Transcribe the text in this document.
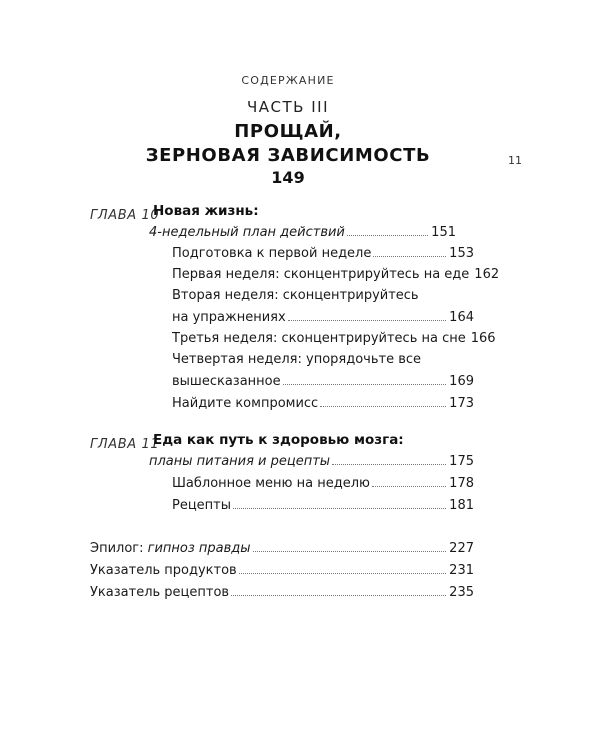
СОДЕРЖАНИЕ
ЧАСТЬ III
ПРОЩАЙ,
ЗЕРНОВАЯ ЗАВИСИМОСТЬ
149
11
ГЛАВА 10
Новая жизнь:
4-недельный план действий	151
Подготовка к первой неделе	153
Первая неделя: сконцентрируйтесь на еде 162
Вторая неделя: сконцентрируйтесь
на упражнениях	164
Третья неделя: сконцентрируйтесь на сне 166
Четвертая неделя: упорядочьте все
вышесказанное	169
Найдите компромисс	173
ГЛАВА 11
Еда как путь к здоровью мозга:
планы питания и рецепты	175
Шаблонное меню на неделю	178
Рецепты	181
Эпилог: гипноз правды	227
Указатель продуктов	231
Указатель рецептов	235
